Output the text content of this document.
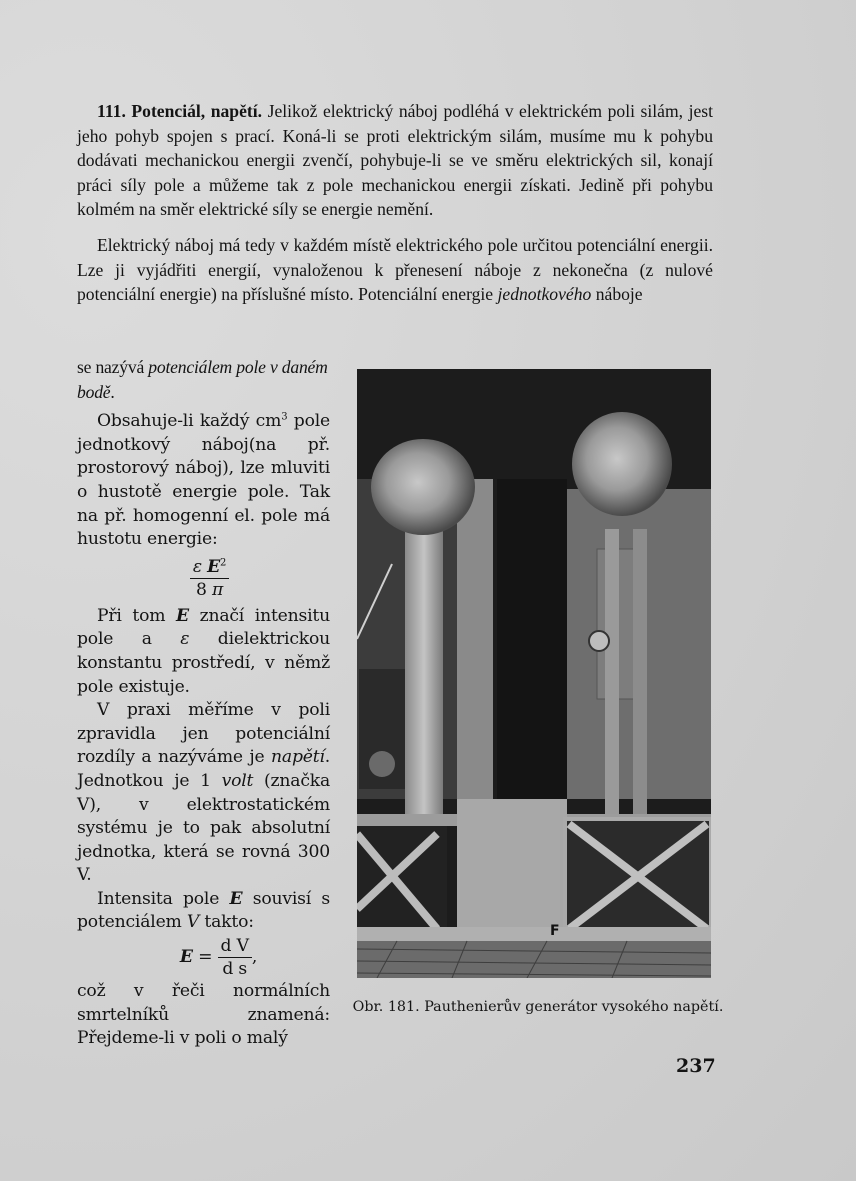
111. Potenciál, napětí. Jelikož elektrický náboj podléhá v elektrickém poli silám, jest jeho pohyb spojen s prací. Koná-li se proti elektrickým silám, musíme mu k pohybu dodávati mechanickou energii zvenčí, pohybuje-li se ve směru elektrických sil, konají práci síly pole a můžeme tak z pole mechanickou energii získati. Jedině při pohybu kolmém na směr elektrické síly se energie nemění.

Elektrický náboj má tedy v každém místě elektrického pole určitou potenciální energii. Lze ji vyjádřiti energií, vynaloženou k přenesení náboje z nekonečna (z nulové potenciální energie) na příslušné místo. Potenciální energie jednotkového náboje

se nazývá potenciálem pole v daném bodě.

Obsahuje-li každý $cm^3$ pole jednotkový náboj(na př. prostorový náboj), lze mluviti o hustotě energie pole. Tak na př. homogenní el. pole má hustotu energie:

$\frac{\varepsilon E^2}{8 \pi}$

Při tom E značí intensitu pole a ε dielektrickou konstantu prostředí, v němž pole existuje.

V praxi měříme v poli zpravidla jen potenciální rozdíly a nazýváme je napětí. Jednotkou je 1 volt (značka V), v elektrostatickém systému je to pak absolutní jednotka, která se rovná 300 V.

Intensita pole E souvisí s potenciálem V takto:

$E = \frac{\text{d V}}{\text{d s}}$ ,

což v řeči normálních smrtelníků znamená: Přejdeme-li v poli o malý

F
Obr. 181. Pauthenierův generátor vysokého napětí.
237
